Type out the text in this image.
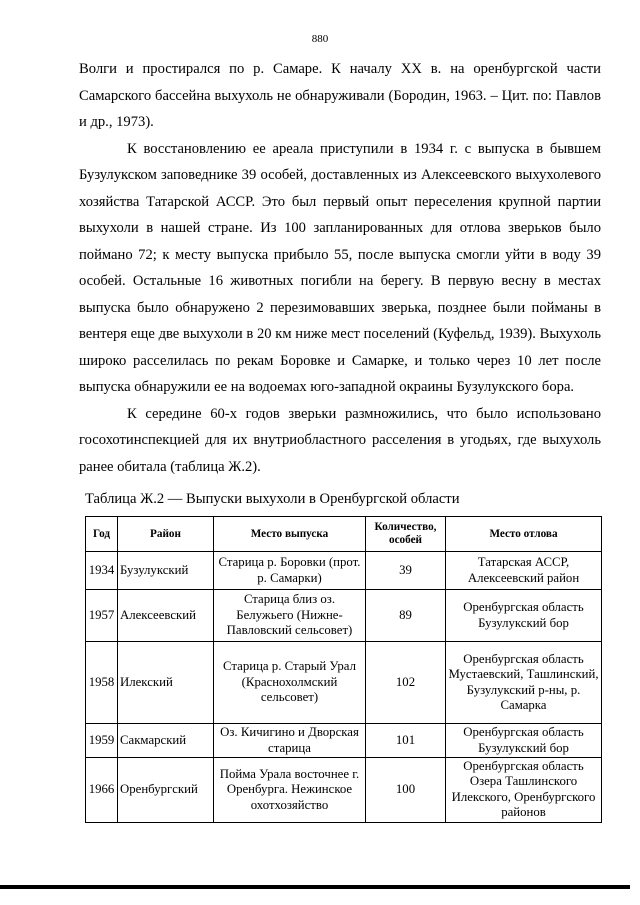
880

Волги и простирался по р. Самаре. К началу XX в. на оренбургской части Самарского бассейна выхухоль не обнаруживали (Бородин, 1963. – Цит. по: Павлов и др., 1973).

К восстановлению ее ареала приступили в 1934 г. с выпуска в бывшем Бузулукском заповеднике 39 особей, доставленных из Алексеевского выхухолевого хозяйства Татарской АССР. Это был первый опыт переселения крупной партии выхухоли в нашей стране. Из 100 запланированных для отлова зверьков было поймано 72; к месту выпуска прибыло 55, после выпуска смогли уйти в воду 39 особей. Остальные 16 животных погибли на берегу. В первую весну в местах выпуска было обнаружено 2 перезимовавших зверька, позднее были пойманы в вентеря еще две выхухоли в 20 км ниже мест поселений (Куфельд, 1939). Выхухоль широко расселилась по рекам Боровке и Самарке, и только через 10 лет после выпуска обнаружили ее на водоемах юго-западной окраины Бузулукского бора.

К середине 60-х годов зверьки размножились, что было использовано госохотинспекцией для их внутриобластного расселения в угодьях, где выхухоль ранее обитала (таблица Ж.2).

Таблица Ж.2 — Выпуски выхухоли в Оренбургской области
Год	Район	Место выпуска	Количество, особей	Место отлова
1934	Бузулукский	Старица р. Боровки (прот. р. Самарки)	39	Татарская АССР, Алексеевский район
1957	Алексеевский	Старица близ оз. Белужьего (Нижне-Павловский сельсовет)	89	Оренбургская область Бузулукский бор
1958	Илекский	Старица р. Старый Урал (Краснохолмский сельсовет)	102	Оренбургская область Мустаевский, Ташлинский, Бузулукский р-ны, р. Самарка
1959	Сакмарский	Оз. Кичигино и Дворская старица	101	Оренбургская область Бузулукский бор
1966	Оренбургский	Пойма Урала восточнее г. Оренбурга. Нежинское охотхозяйство	100	Оренбургская область Озера Ташлинского Илекского, Оренбургского районов
